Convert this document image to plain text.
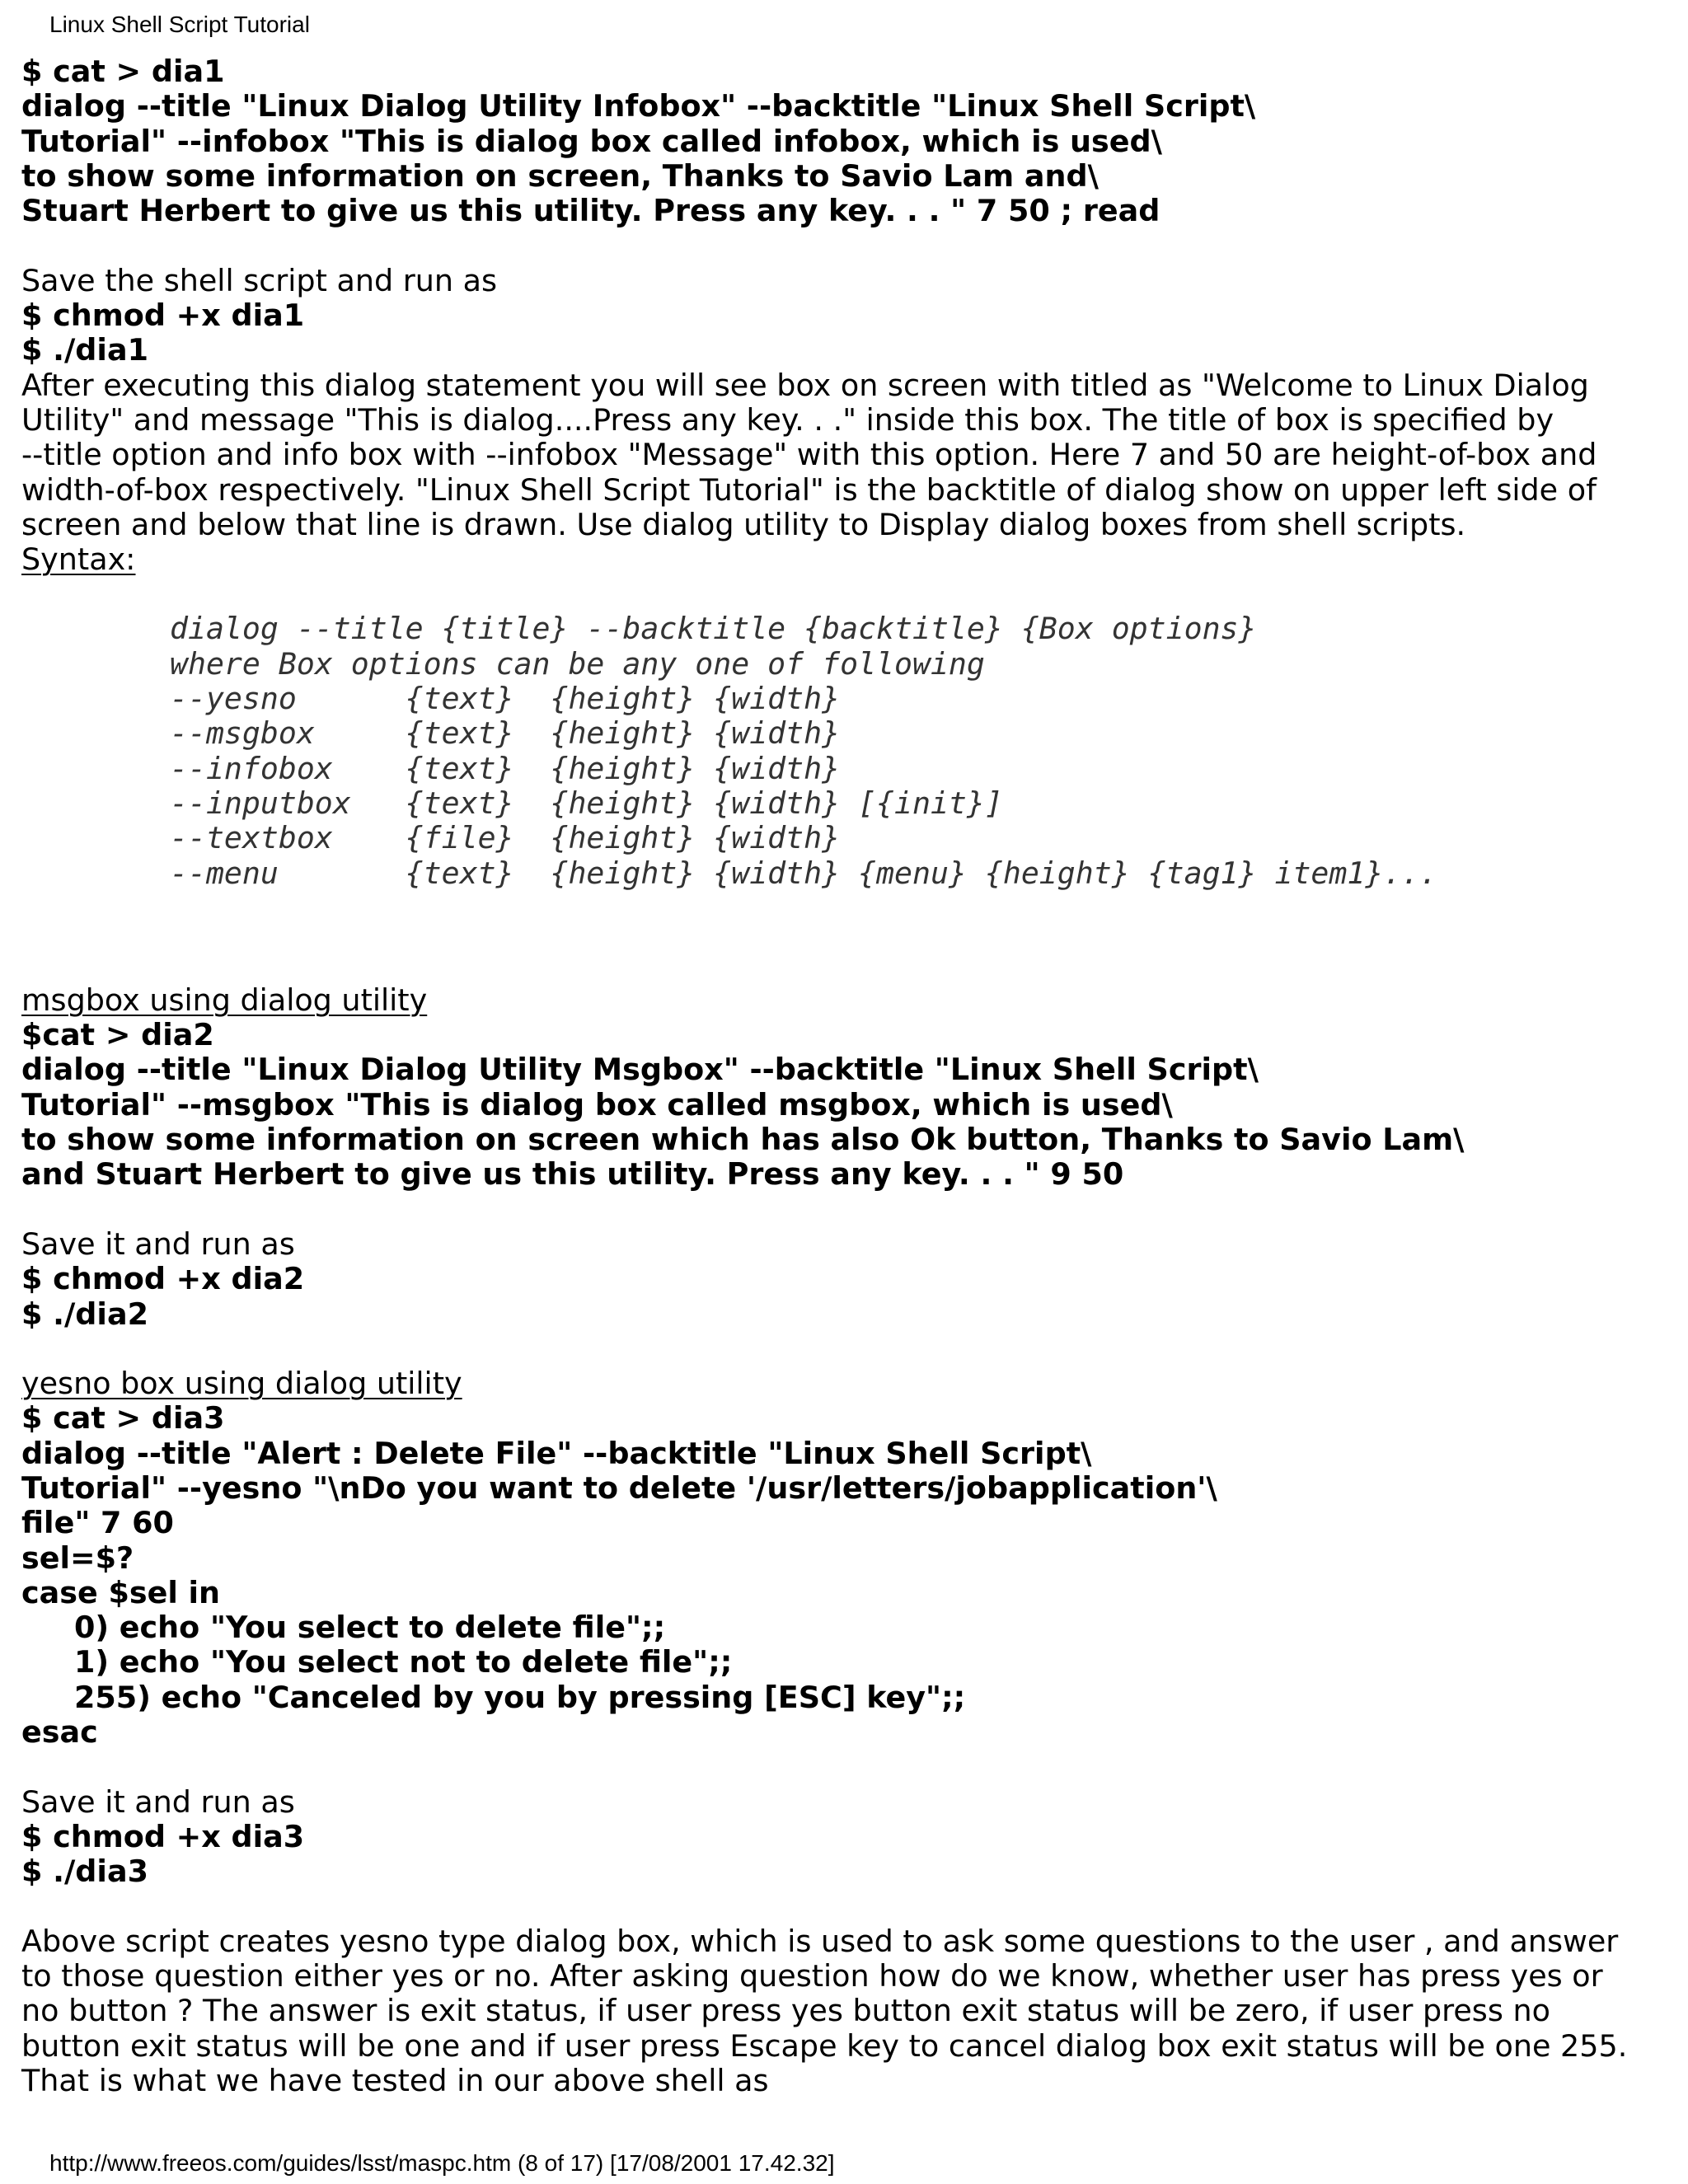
Linux Shell Script Tutorial
$ cat > dia1
dialog --title "Linux Dialog Utility Infobox" --backtitle "Linux Shell Script\
Tutorial" --infobox "This is dialog box called infobox, which is used\
to show some information on screen, Thanks to Savio Lam and\
Stuart Herbert to give us this utility. Press any key. . . " 7 50 ; read
Save the shell script and run as
$ chmod +x dia1
$ ./dia1
After executing this dialog statement you will see box on screen with titled as "Welcome to Linux Dialog
Utility" and message "This is dialog....Press any key. . ." inside this box. The title of box is specified by
--title option and info box with --infobox "Message" with this option. Here 7 and 50 are height-of-box and
width-of-box respectively. "Linux Shell Script Tutorial" is the backtitle of dialog show on upper left side of
screen and below that line is drawn. Use dialog utility to Display dialog boxes from shell scripts.
Syntax:
dialog --title {title} --backtitle {backtitle} {Box options}
where Box options can be any one of following
--yesno      {text}  {height} {width}
--msgbox     {text}  {height} {width}
--infobox    {text}  {height} {width}
--inputbox   {text}  {height} {width} [{init}]
--textbox    {file}  {height} {width}
--menu       {text}  {height} {width} {menu} {height} {tag1} item1}...
msgbox using dialog utility
$cat > dia2
dialog --title "Linux Dialog Utility Msgbox" --backtitle "Linux Shell Script\
Tutorial" --msgbox "This is dialog box called msgbox, which is used\
to show some information on screen which has also Ok button, Thanks to Savio Lam\
and Stuart Herbert to give us this utility. Press any key. . . " 9 50
Save it and run as
$ chmod +x dia2
$ ./dia2
yesno box using dialog utility
$ cat > dia3
dialog --title "Alert : Delete File" --backtitle "Linux Shell Script\
Tutorial" --yesno "\nDo you want to delete '/usr/letters/jobapplication'\
file" 7 60
sel=$?
case $sel in
0) echo "You select to delete file";;
1) echo "You select not to delete file";;
255) echo "Canceled by you by pressing [ESC] key";;
esac
Save it and run as
$ chmod +x dia3
$ ./dia3
Above script creates yesno type dialog box, which is used to ask some questions to the user , and answer
to those question either yes or no. After asking question how do we know, whether user has press yes or
no button ? The answer is exit status, if user press yes button exit status will be zero, if user press no
button exit status will be one and if user press Escape key to cancel dialog box exit status will be one 255.
That is what we have tested in our above shell as
http://www.freeos.com/guides/lsst/maspc.htm (8 of 17) [17/08/2001 17.42.32]
